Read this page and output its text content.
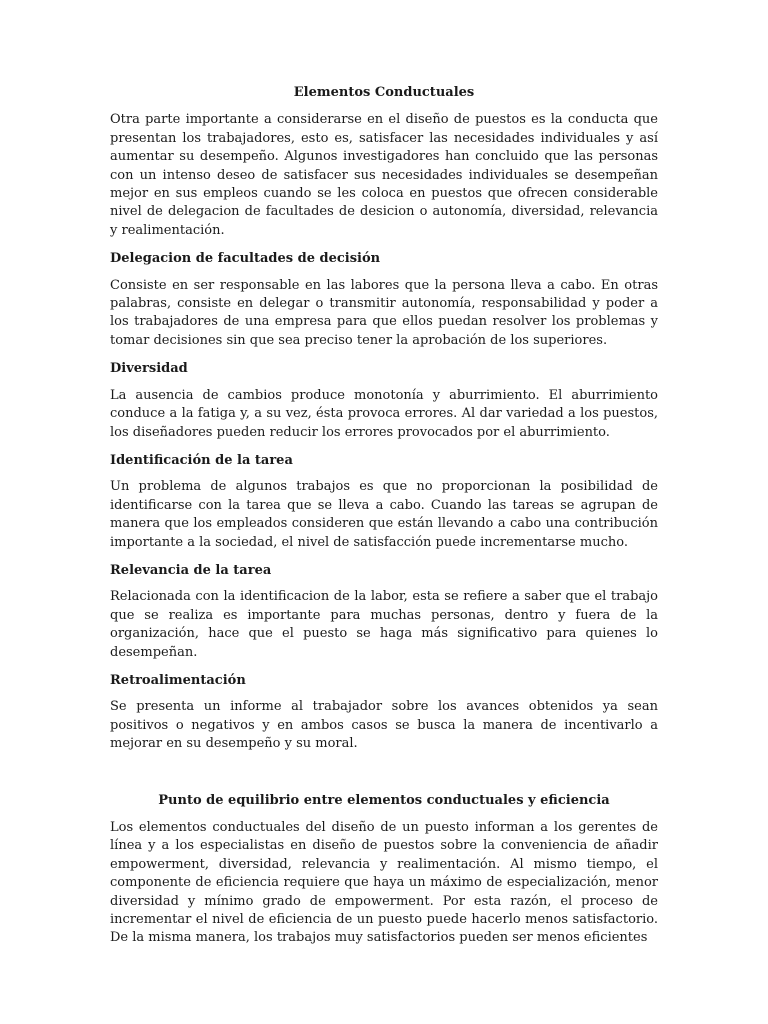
Elementos Conductuales

Otra parte importante a considerarse en el diseño de puestos es la conducta que presentan los trabajadores, esto es, satisfacer las necesidades individuales y así aumentar su desempeño. Algunos investigadores han concluido que las personas con un intenso deseo de satisfacer sus necesidades individuales se desempeñan mejor en sus empleos cuando se les coloca en puestos que ofrecen considerable nivel de delegacion de facultades de desicion o autonomía, diversidad, relevancia y realimentación.

Delegacion de facultades de decisión

Consiste en ser responsable en las labores que la persona lleva a cabo. En otras palabras, consiste en delegar o transmitir autonomía, responsabilidad y poder a los trabajadores de una empresa para que ellos puedan resolver los problemas y tomar decisiones sin que sea preciso tener la aprobación de los superiores.

Diversidad

La ausencia de cambios produce monotonía y aburrimiento. El aburrimiento conduce a la fatiga y, a su vez, ésta provoca errores. Al dar variedad a los puestos, los diseñadores pueden reducir los errores provocados por el aburrimiento.

Identificación de la tarea

Un problema de algunos trabajos es que no proporcionan la posibilidad de identificarse con la tarea que se lleva a cabo. Cuando las tareas se agrupan de manera que los empleados consideren que están llevando a cabo una contribución importante a la sociedad, el nivel de satisfacción puede incrementarse mucho.

Relevancia de la tarea

Relacionada con la identificacion de la labor, esta se refiere a saber que el trabajo que se realiza es importante para muchas personas, dentro y fuera de la organización, hace que el puesto se haga más significativo para quienes lo desempeñan.

Retroalimentación

Se presenta un informe al trabajador sobre los avances obtenidos ya sean positivos o negativos y en ambos casos se busca la manera de incentivarlo a mejorar en su desempeño y su moral.

Punto de equilibrio entre elementos conductuales y eficiencia

Los elementos conductuales del diseño de un puesto informan a los gerentes de línea y a los especialistas en diseño de puestos sobre la conveniencia de añadir empowerment, diversidad, relevancia y realimentación. Al mismo tiempo, el componente de eficiencia requiere que haya un máximo de especialización, menor diversidad y mínimo grado de empowerment. Por esta razón, el proceso de incrementar el nivel de eficiencia de un puesto puede hacerlo menos satisfactorio. De la misma manera, los trabajos muy satisfactorios pueden ser menos eficientes
